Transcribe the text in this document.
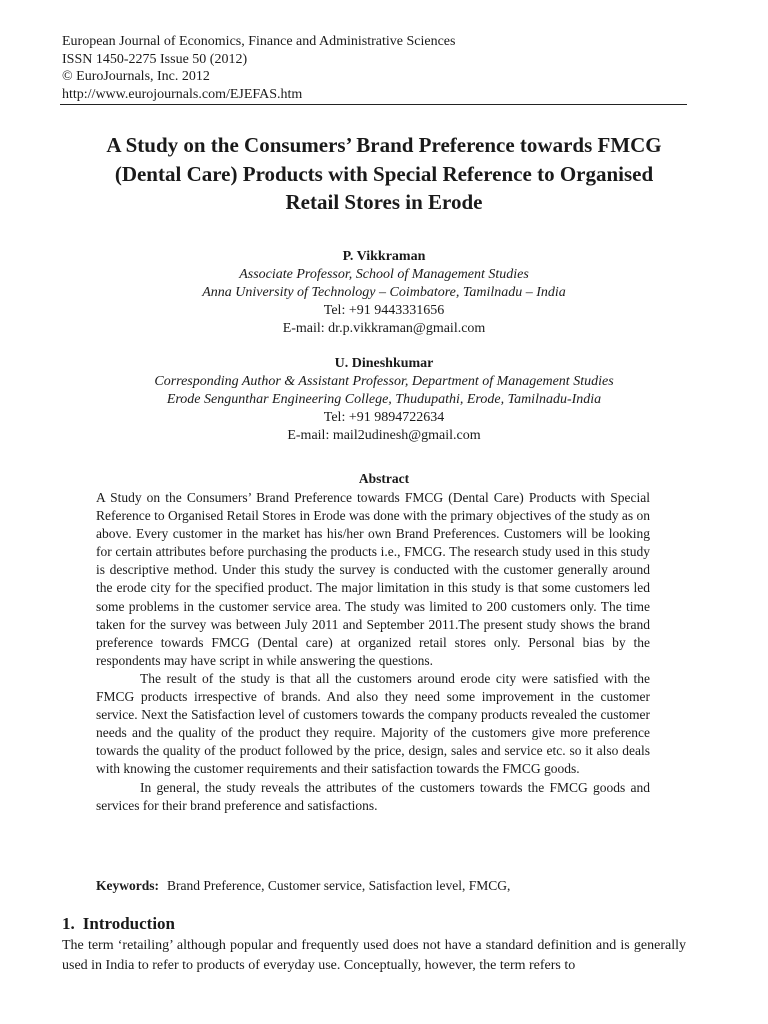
European Journal of Economics, Finance and Administrative Sciences
ISSN 1450-2275 Issue 50 (2012)
© EuroJournals, Inc. 2012
http://www.eurojournals.com/EJEFAS.htm
A Study on the Consumers’ Brand Preference towards FMCG
(Dental Care) Products with Special Reference to Organised
Retail Stores in Erode
P. Vikkraman
Associate Professor, School of Management Studies
Anna University of Technology – Coimbatore, Tamilnadu – India
Tel: +91 9443331656
E-mail: dr.p.vikkraman@gmail.com
U. Dineshkumar
Corresponding Author & Assistant Professor, Department of Management Studies
Erode Sengunthar Engineering College, Thudupathi, Erode, Tamilnadu-India
Tel: +91 9894722634
E-mail: mail2udinesh@gmail.com
Abstract

A Study on the Consumers’ Brand Preference towards FMCG (Dental Care) Products with Special Reference to Organised Retail Stores in Erode was done with the primary objectives of the study as on above. Every customer in the market has his/her own Brand Preferences. Customers will be looking for certain attributes before purchasing the products i.e., FMCG. The research study used in this study is descriptive method. Under this study the survey is conducted with the customer generally around the erode city for the specified product. The major limitation in this study is that some customers led some problems in the customer service area. The study was limited to 200 customers only. The time taken for the survey was between July 2011 and September 2011.The present study shows the brand preference towards FMCG (Dental care) at organized retail stores only. Personal bias by the respondents may have script in while answering the questions.

The result of the study is that all the customers around erode city were satisfied with the FMCG products irrespective of brands. And also they need some improvement in the customer service. Next the Satisfaction level of customers towards the company products revealed the customer needs and the quality of the product they require. Majority of the customers give more preference towards the quality of the product followed by the price, design, sales and service etc. so it also deals with knowing the customer requirements and their satisfaction towards the FMCG goods.

In general, the study reveals the attributes of the customers towards the FMCG goods and services for their brand preference and satisfactions.

Keywords: Brand Preference, Customer service, Satisfaction level, FMCG,
1. Introduction
The term ‘retailing’ although popular and frequently used does not have a standard definition and is generally used in India to refer to products of everyday use. Conceptually, however, the term refers to
